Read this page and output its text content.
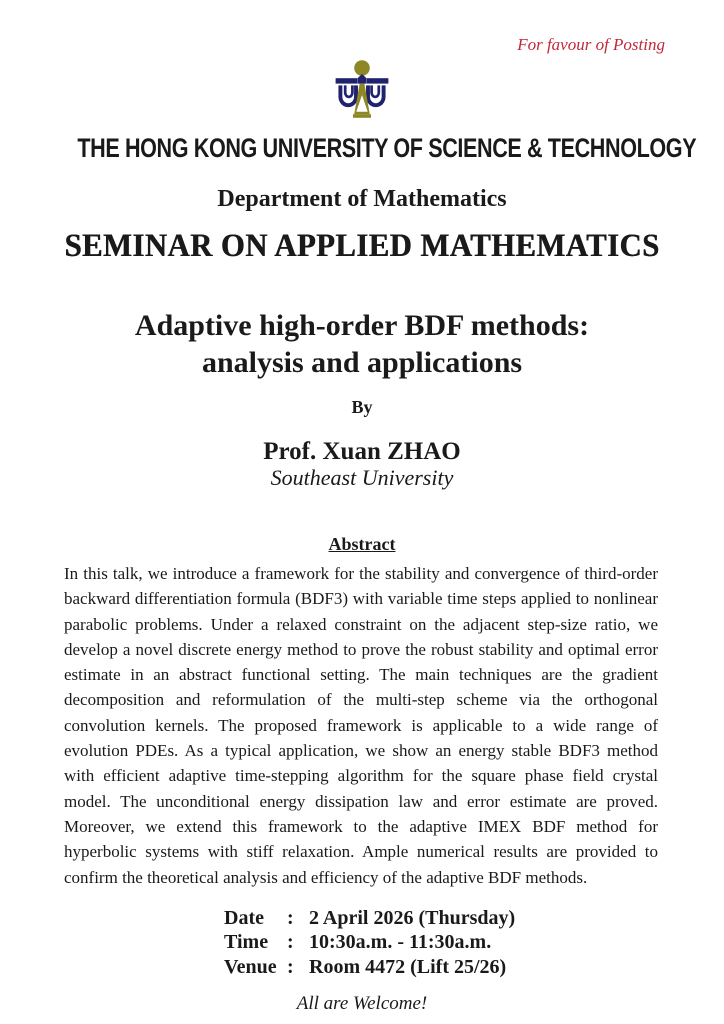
For favour of Posting
THE HONG KONG UNIVERSITY OF SCIENCE & TECHNOLOGY
Department of Mathematics
SEMINAR ON APPLIED MATHEMATICS
Adaptive high-order BDF methods:
analysis and applications
By
Prof. Xuan ZHAO
Southeast University
Abstract
In this talk, we introduce a framework for the stability and convergence of third-order backward differentiation formula (BDF3) with variable time steps applied to nonlinear parabolic problems. Under a relaxed constraint on the adjacent step-size ratio, we develop a novel discrete energy method to prove the robust stability and optimal error estimate in an abstract functional setting. The main techniques are the gradient decomposition and reformulation of the multi-step scheme via the orthogonal convolution kernels. The proposed framework is applicable to a wide range of evolution PDEs. As a typical application, we show an energy stable BDF3 method with efficient adaptive time-stepping algorithm for the square phase field crystal model. The unconditional energy dissipation law and error estimate are proved. Moreover, we extend this framework to the adaptive IMEX BDF method for hyperbolic systems with stiff relaxation. Ample numerical results are provided to confirm the theoretical analysis and efficiency of the adaptive BDF methods.
Date	: 2 April 2026 (Thursday)
Time : 10:30a.m. - 11:30a.m.
Venue : Room 4472 (Lift 25/26)
All are Welcome!
